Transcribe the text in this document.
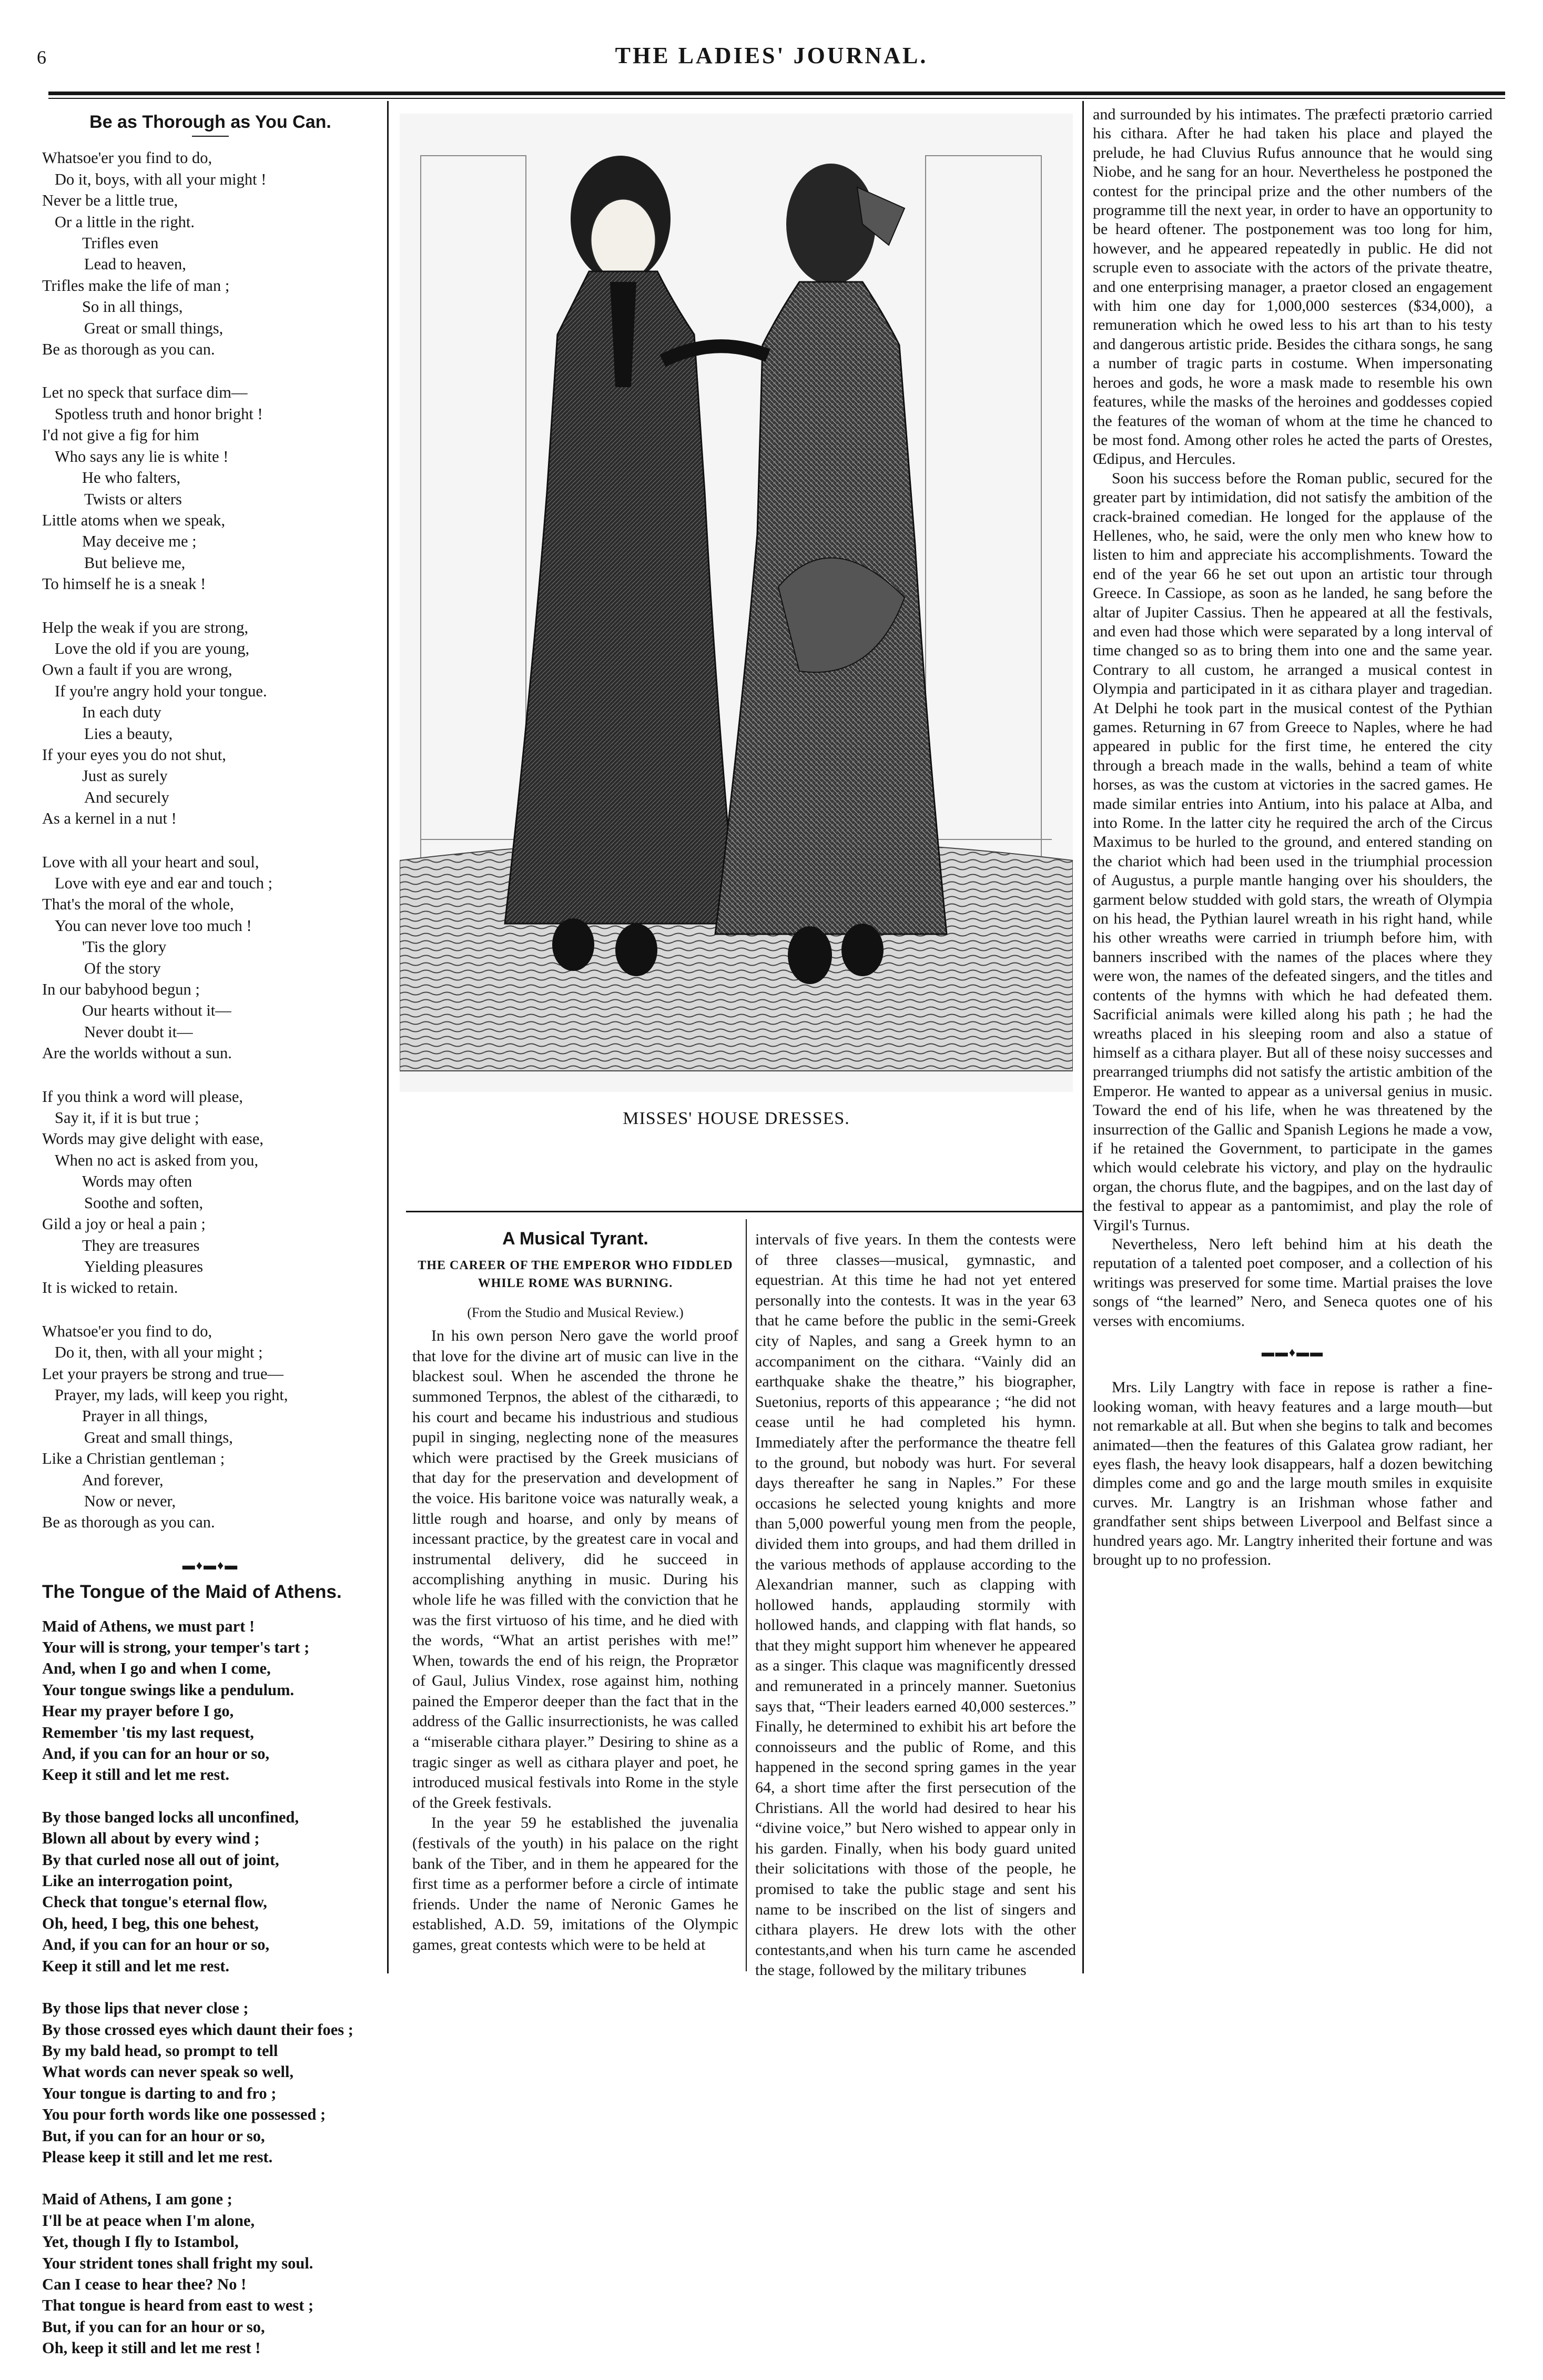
6	THE LADIES' JOURNAL.
Be as Thorough as You Can.
Whatsoe'er you find to do,
Do it, boys, with all your might !
Never be a little true,
Or a little in the right.
Trifles even
Lead to heaven,
Trifles make the life of man ;
So in all things,
Great or small things,
Be as thorough as you can.
Let no speck that surface dim—
Spotless truth and honor bright !
I'd not give a fig for him
Who says any lie is white !
He who falters,
Twists or alters
Little atoms when we speak,
May deceive me ;
But believe me,
To himself he is a sneak !
Help the weak if you are strong,
Love the old if you are young,
Own a fault if you are wrong,
If you're angry hold your tongue.
In each duty
Lies a beauty,
If your eyes you do not shut,
Just as surely
And securely
As a kernel in a nut !
Love with all your heart and soul,
Love with eye and ear and touch ;
That's the moral of the whole,
You can never love too much !
'Tis the glory
Of the story
In our babyhood begun ;
Our hearts without it—
Never doubt it—
Are the worlds without a sun.
If you think a word will please,
Say it, if it is but true ;
Words may give delight with ease,
When no act is asked from you,
Words may often
Soothe and soften,
Gild a joy or heal a pain ;
They are treasures
Yielding pleasures
It is wicked to retain.
Whatsoe'er you find to do,
Do it, then, with all your might ;
Let your prayers be strong and true—
Prayer, my lads, will keep you right,
Prayer in all things,
Great and small things,
Like a Christian gentleman ;
And forever,
Now or never,
Be as thorough as you can.
▬♦▬♦▬
The Tongue of the Maid of Athens.
Maid of Athens, we must part !
Your will is strong, your temper's tart ;
And, when I go and when I come,
Your tongue swings like a pendulum.
Hear my prayer before I go,
Remember 'tis my last request,
And, if you can for an hour or so,
Keep it still and let me rest.
By those banged locks all unconfined,
Blown all about by every wind ;
By that curled nose all out of joint,
Like an interrogation point,
Check that tongue's eternal flow,
Oh, heed, I beg, this one behest,
And, if you can for an hour or so,
Keep it still and let me rest.
By those lips that never close ;
By those crossed eyes which daunt their foes ;
By my bald head, so prompt to tell
What words can never speak so well,
Your tongue is darting to and fro ;
You pour forth words like one possessed ;
But, if you can for an hour or so,
Please keep it still and let me rest.
Maid of Athens, I am gone ;
I'll be at peace when I'm alone,
Yet, though I fly to Istambol,
Your strident tones shall fright my soul.
Can I cease to hear thee? No !
That tongue is heard from east to west ;
But, if you can for an hour or so,
Oh, keep it still and let me rest !
MISSES' HOUSE DRESSES.
A Musical Tyrant.
THE CAREER OF THE EMPEROR WHO FIDDLED WHILE ROME WAS BURNING.
(From the Studio and Musical Review.)

In his own person Nero gave the world proof that love for the divine art of music can live in the blackest soul. When he ascended the throne he summoned Terpnos, the ablest of the citharædi, to his court and became his industrious and studious pupil in singing, neglecting none of the measures which were practised by the Greek musicians of that day for the preservation and development of the voice. His baritone voice was naturally weak, a little rough and hoarse, and only by means of incessant practice, by the greatest care in vocal and instrumental delivery, did he succeed in accomplishing anything in music. During his whole life he was filled with the conviction that he was the first virtuoso of his time, and he died with the words, “What an artist perishes with me!” When, towards the end of his reign, the Proprætor of Gaul, Julius Vindex, rose against him, nothing pained the Emperor deeper than the fact that in the address of the Gallic insurrectionists, he was called a “miserable cithara player.” Desiring to shine as a tragic singer as well as cithara player and poet, he introduced musical festivals into Rome in the style of the Greek festivals.

In the year 59 he established the juvenalia (festivals of the youth) in his palace on the right bank of the Tiber, and in them he appeared for the first time as a performer before a circle of intimate friends. Under the name of Neronic Games he established, A.D. 59, imitations of the Olympic games, great contests which were to be held at

intervals of five years. In them the contests were of three classes—musical, gymnastic, and equestrian. At this time he had not yet entered personally into the contests. It was in the year 63 that he came before the public in the semi-Greek city of Naples, and sang a Greek hymn to an accompaniment on the cithara. “Vainly did an earthquake shake the theatre,” his biographer, Suetonius, reports of this appearance ; “he did not cease until he had completed his hymn. Immediately after the performance the theatre fell to the ground, but nobody was hurt. For several days thereafter he sang in Naples.” For these occasions he selected young knights and more than 5,000 powerful young men from the people, divided them into groups, and had them drilled in the various methods of applause according to the Alexandrian manner, such as clapping with hollowed hands, applauding stormily with hollowed hands, and clapping with flat hands, so that they might support him whenever he appeared as a singer. This claque was magnificently dressed and remunerated in a princely manner. Suetonius says that, “Their leaders earned 40,000 sesterces.” Finally, he determined to exhibit his art before the connoisseurs and the public of Rome, and this happened in the second spring games in the year 64, a short time after the first persecution of the Christians. All the world had desired to hear his “divine voice,” but Nero wished to appear only in his garden. Finally, when his body guard united their solicitations with those of the people, he promised to take the public stage and sent his name to be inscribed on the list of singers and cithara players. He drew lots with the other contestants,and when his turn came he ascended the stage, followed by the military tribunes

and surrounded by his intimates. The præfecti prætorio carried his cithara. After he had taken his place and played the prelude, he had Cluvius Rufus announce that he would sing Niobe, and he sang for an hour. Nevertheless he postponed the contest for the principal prize and the other numbers of the programme till the next year, in order to have an opportunity to be heard oftener. The postponement was too long for him, however, and he appeared repeatedly in public. He did not scruple even to associate with the actors of the private theatre, and one enterprising manager, a praetor closed an engagement with him one day for 1,000,000 sesterces ($34,000), a remuneration which he owed less to his art than to his testy and dangerous artistic pride. Besides the cithara songs, he sang a number of tragic parts in costume. When impersonating heroes and gods, he wore a mask made to resemble his own features, while the masks of the heroines and goddesses copied the features of the woman of whom at the time he chanced to be most fond. Among other roles he acted the parts of Orestes, Œdipus, and Hercules.

Soon his success before the Roman public, secured for the greater part by intimidation, did not satisfy the ambition of the crack-brained comedian. He longed for the applause of the Hellenes, who, he said, were the only men who knew how to listen to him and appreciate his accomplishments. Toward the end of the year 66 he set out upon an artistic tour through Greece. In Cassiope, as soon as he landed, he sang before the altar of Jupiter Cassius. Then he appeared at all the festivals, and even had those which were separated by a long interval of time changed so as to bring them into one and the same year. Contrary to all custom, he arranged a musical contest in Olympia and participated in it as cithara player and tragedian. At Delphi he took part in the musical contest of the Pythian games. Returning in 67 from Greece to Naples, where he had appeared in public for the first time, he entered the city through a breach made in the walls, behind a team of white horses, as was the custom at victories in the sacred games. He made similar entries into Antium, into his palace at Alba, and into Rome. In the latter city he required the arch of the Circus Maximus to be hurled to the ground, and entered standing on the chariot which had been used in the triumphial procession of Augustus, a purple mantle hanging over his shoulders, the garment below studded with gold stars, the wreath of Olympia on his head, the Pythian laurel wreath in his right hand, while his other wreaths were carried in triumph before him, with banners inscribed with the names of the places where they were won, the names of the defeated singers, and the titles and contents of the hymns with which he had defeated them. Sacrificial animals were killed along his path ; he had the wreaths placed in his sleeping room and also a statue of himself as a cithara player. But all of these noisy successes and prearranged triumphs did not satisfy the artistic ambition of the Emperor. He wanted to appear as a universal genius in music. Toward the end of his life, when he was threatened by the insurrection of the Gallic and Spanish Legions he made a vow, if he retained the Government, to participate in the games which would celebrate his victory, and play on the hydraulic organ, the chorus flute, and the bagpipes, and on the last day of the festival to appear as a pantomimist, and play the role of Virgil's Turnus.

Nevertheless, Nero left behind him at his death the reputation of a talented poet composer, and a collection of his writings was preserved for some time. Martial praises the love songs of “the learned” Nero, and Seneca quotes one of his verses with encomiums.

▬▬♦▬▬

Mrs. Lily Langtry with face in repose is rather a fine-looking woman, with heavy features and a large mouth—but not remarkable at all. But when she begins to talk and becomes animated—then the features of this Galatea grow radiant, her eyes flash, the heavy look disappears, half a dozen bewitching dimples come and go and the large mouth smiles in exquisite curves. Mr. Langtry is an Irishman whose father and grandfather sent ships between Liverpool and Belfast since a hundred years ago. Mr. Langtry inherited their fortune and was brought up to no profession.
